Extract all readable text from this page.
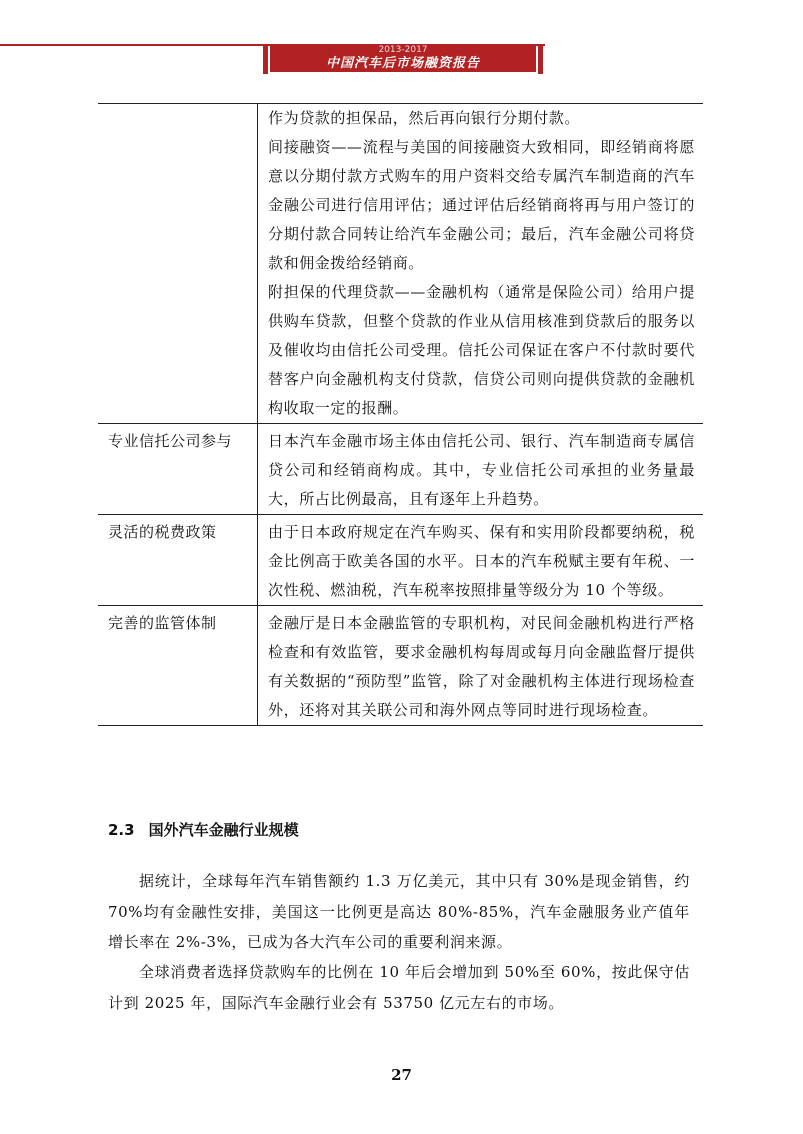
2013-2017
中国汽车后市场融资报告

	作为贷款的担保品，然后再向银行分期付款。
间接融资——流程与美国的间接融资大致相同，即经销商将愿意以分期付款方式购车的用户资料交给专属汽车制造商的汽车金融公司进行信用评估；通过评估后经销商将再与用户签订的分期付款合同转让给汽车金融公司；最后，汽车金融公司将贷款和佣金拨给经销商。
附担保的代理贷款——金融机构（通常是保险公司）给用户提供购车贷款，但整个贷款的作业从信用核准到贷款后的服务以及催收均由信托公司受理。信托公司保证在客户不付款时要代替客户向金融机构支付贷款，信贷公司则向提供贷款的金融机构收取一定的报酬。

专业信托公司参与	日本汽车金融市场主体由信托公司、银行、汽车制造商专属信贷公司和经销商构成。其中，专业信托公司承担的业务量最大，所占比例最高，且有逐年上升趋势。

灵活的税费政策	由于日本政府规定在汽车购买、保有和实用阶段都要纳税，税金比例高于欧美各国的水平。日本的汽车税赋主要有年税、一次性税、燃油税，汽车税率按照排量等级分为 10 个等级。

完善的监管体制	金融厅是日本金融监管的专职机构，对民间金融机构进行严格检查和有效监管，要求金融机构每周或每月向金融监督厅提供有关数据的“预防型”监管，除了对金融机构主体进行现场检查外，还将对其关联公司和海外网点等同时进行现场检查。
2.3 国外汽车金融行业规模
据统计，全球每年汽车销售额约 1.3 万亿美元，其中只有 30%是现金销售，约 70%均有金融性安排，美国这一比例更是高达 80%-85%，汽车金融服务业产值年增长率在 2%-3%，已成为各大汽车公司的重要利润来源。
全球消费者选择贷款购车的比例在 10 年后会增加到 50%至 60%，按此保守估计到 2025 年，国际汽车金融行业会有 53750 亿元左右的市场。
27
